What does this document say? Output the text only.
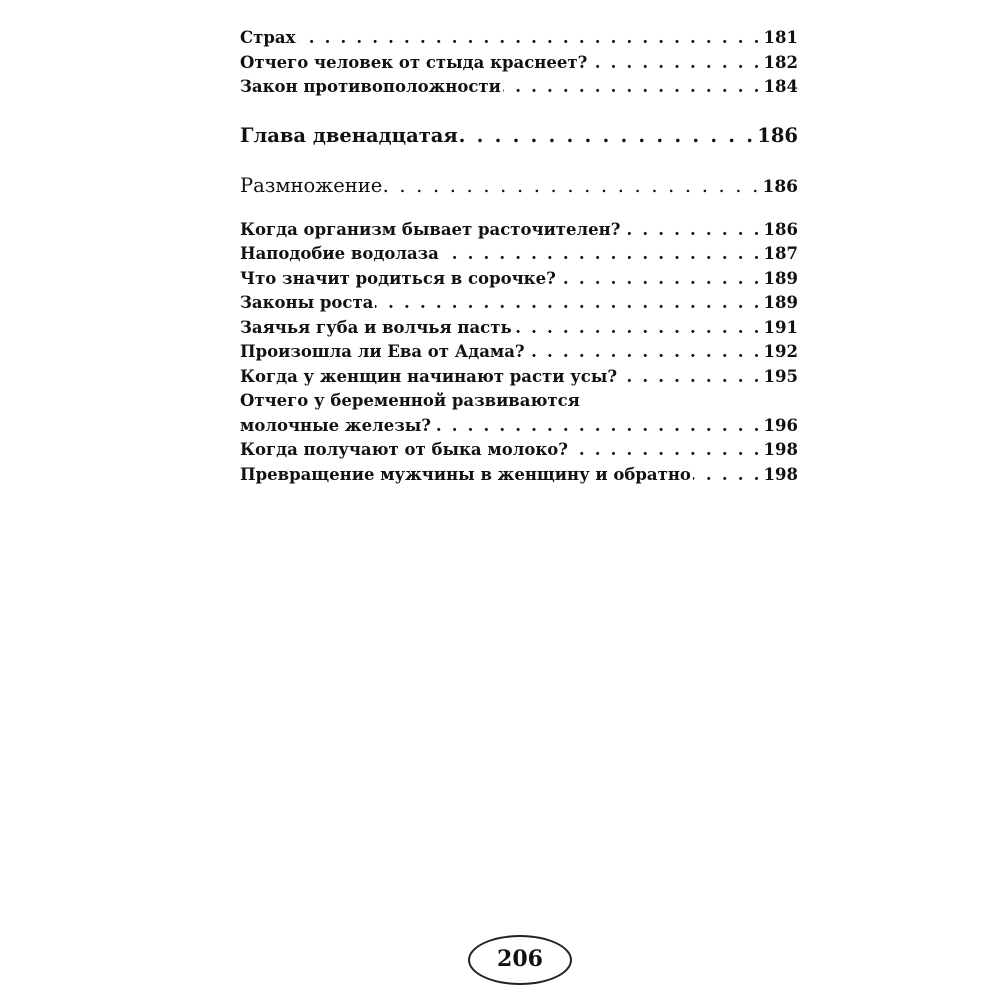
Страх . . .	181
Отчего человек от стыда краснеет? . . .	182
Закон противоположности . . .	184
Глава двенадцатая . . .	186
Размножение . . .	186
Когда организм бывает расточителен? . . .	186
Наподобие водолаза . . .	187
Что значит родиться в сорочке? . . .	189
Законы роста . . .	189
Заячья губа и волчья пасть . . .	191
Произошла ли Ева от Адама? . . .	192
Когда у женщин начинают расти усы? . . .	195
Отчего у беременной развиваются
молочные железы? . . .	196
Когда получают от быка молоко? . . .	198
Превращение мужчины в женщину и обратно . . .	198
206
